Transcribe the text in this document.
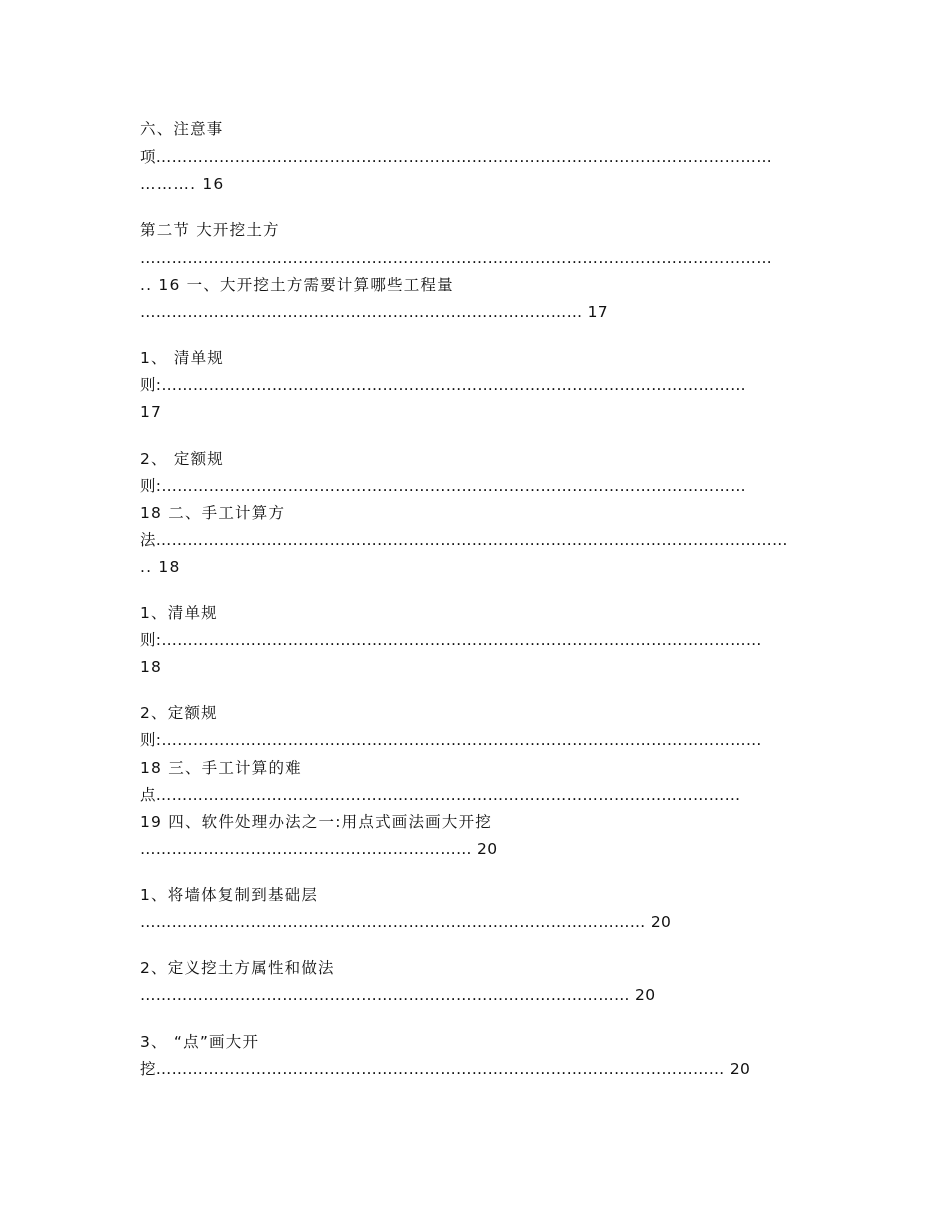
六、注意事

项………………………………………………………………………………………………………

………. 16

第二节 大开挖土方

…………………………………………………………………………………………………………

.. 16 一、大开挖土方需要计算哪些工程量

………………………………………………………………………… 17

1、 清单规

则:…………………………………………………………………………………………………

17

2、 定额规

则:…………………………………………………………………………………………………

18 二、手工计算方

法…………………………………………………………………………………………………………

.. 18

1、清单规

则:……………………………………………………………………………………………………

18

2、定额规

则:……………………………………………………………………………………………………

18 三、手工计算的难

点…………………………………………………………………………………………………

19 四、软件处理办法之一:用点式画法画大开挖

……………………………………………………… 20

1、将墙体复制到基础层

…………………………………………………………………………………… 20

2、定义挖土方属性和做法

………………………………………………………………………………… 20

3、 “点”画大开

挖……………………………………………………………………………………………… 20
